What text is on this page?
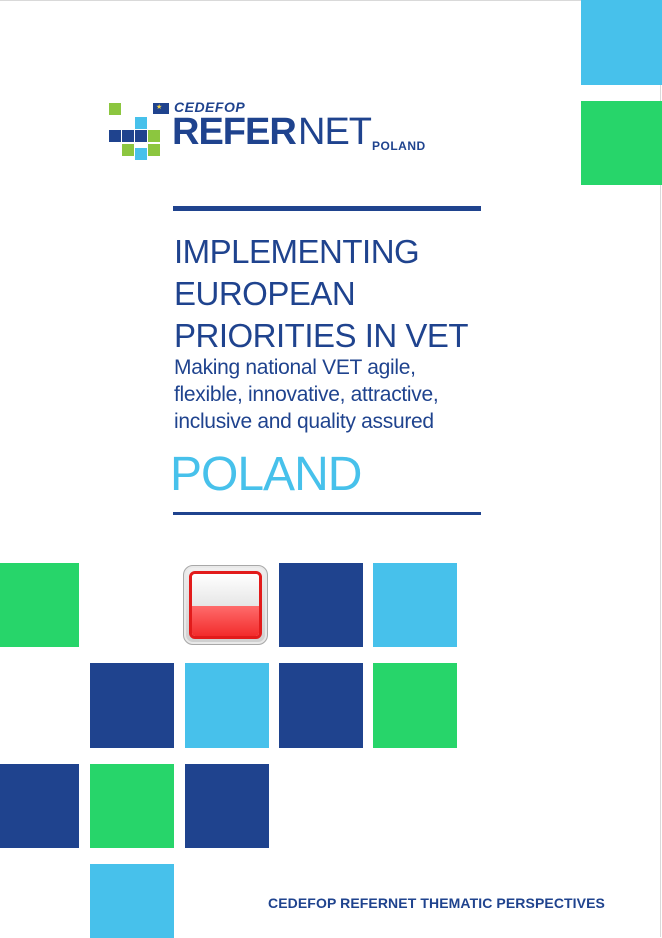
★ CEDEFOP
REFER NET POLAND
IMPLEMENTING
EUROPEAN
PRIORITIES IN VET
Making national VET agile,
flexible, innovative, attractive,
inclusive and quality assured
POLAND
CEDEFOP REFERNET THEMATIC PERSPECTIVES
